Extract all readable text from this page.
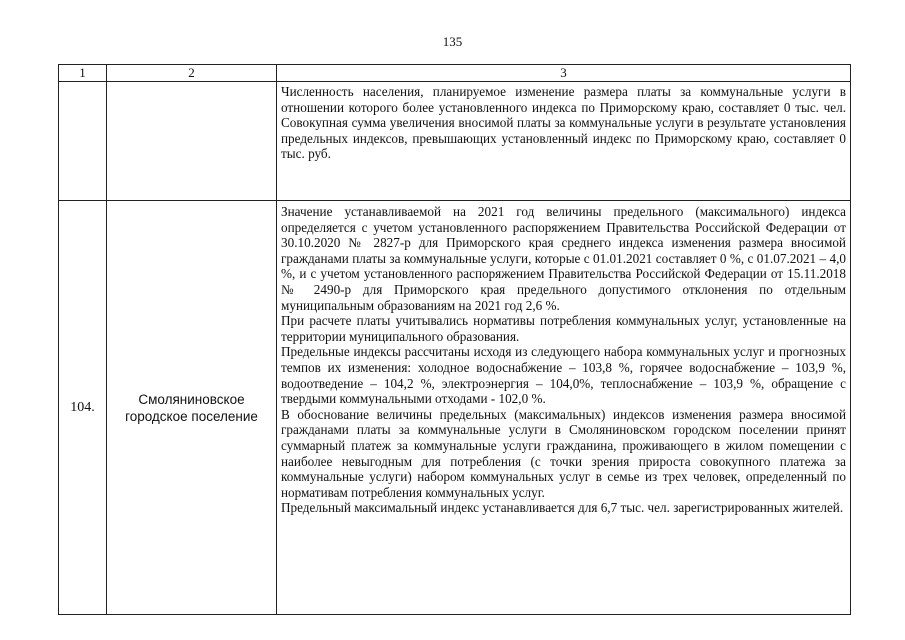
135
1	2	3

		Численность населения, планируемое изменение размера платы за коммунальные услуги в отношении которого более установленного индекса по Приморскому краю, составляет 0 тыс. чел. Совокупная сумма увеличения вносимой платы за коммунальные услуги в результате установления предельных индексов, превышающих установленный индекс по Приморскому краю, составляет 0 тыс. руб.

104.	Смоляниновское городское поселение	Значение устанавливаемой на 2021 год величины предельного (максимального) индекса определяется с учетом установленного распоряжением Правительства Российской Федерации от 30.10.2020 № 2827-р для Приморского края среднего индекса изменения размера вносимой гражданами платы за коммунальные услуги, которые с 01.01.2021 составляет 0 %, с 01.07.2021 – 4,0 %, и с учетом установленного распоряжением Правительства Российской Федерации от 15.11.2018 № 2490-р для Приморского края предельного допустимого отклонения по отдельным муниципальным образованиям на 2021 год 2,6 %.

При расчете платы учитывались нормативы потребления коммунальных услуг, установленные на территории муниципального образования.

Предельные индексы рассчитаны исходя из следующего набора коммунальных услуг и прогнозных темпов их изменения: холодное водоснабжение – 103,8 %, горячее водоснабжение – 103,9 %, водоотведение – 104,2 %, электроэнергия – 104,0%, теплоснабжение – 103,9 %, обращение с твердыми коммунальными отходами - 102,0 %.

В обоснование величины предельных (максимальных) индексов изменения размера вносимой гражданами платы за коммунальные услуги в Смоляниновском городском поселении принят суммарный платеж за коммунальные услуги гражданина, проживающего в жилом помещении с наиболее невыгодным для потребления (с точки зрения прироста совокупного платежа за коммунальные услуги) набором коммунальных услуг в семье из трех человек, определенный по нормативам потребления коммунальных услуг.

Предельный максимальный индекс устанавливается для 6,7 тыс. чел. зарегистрированных жителей.
